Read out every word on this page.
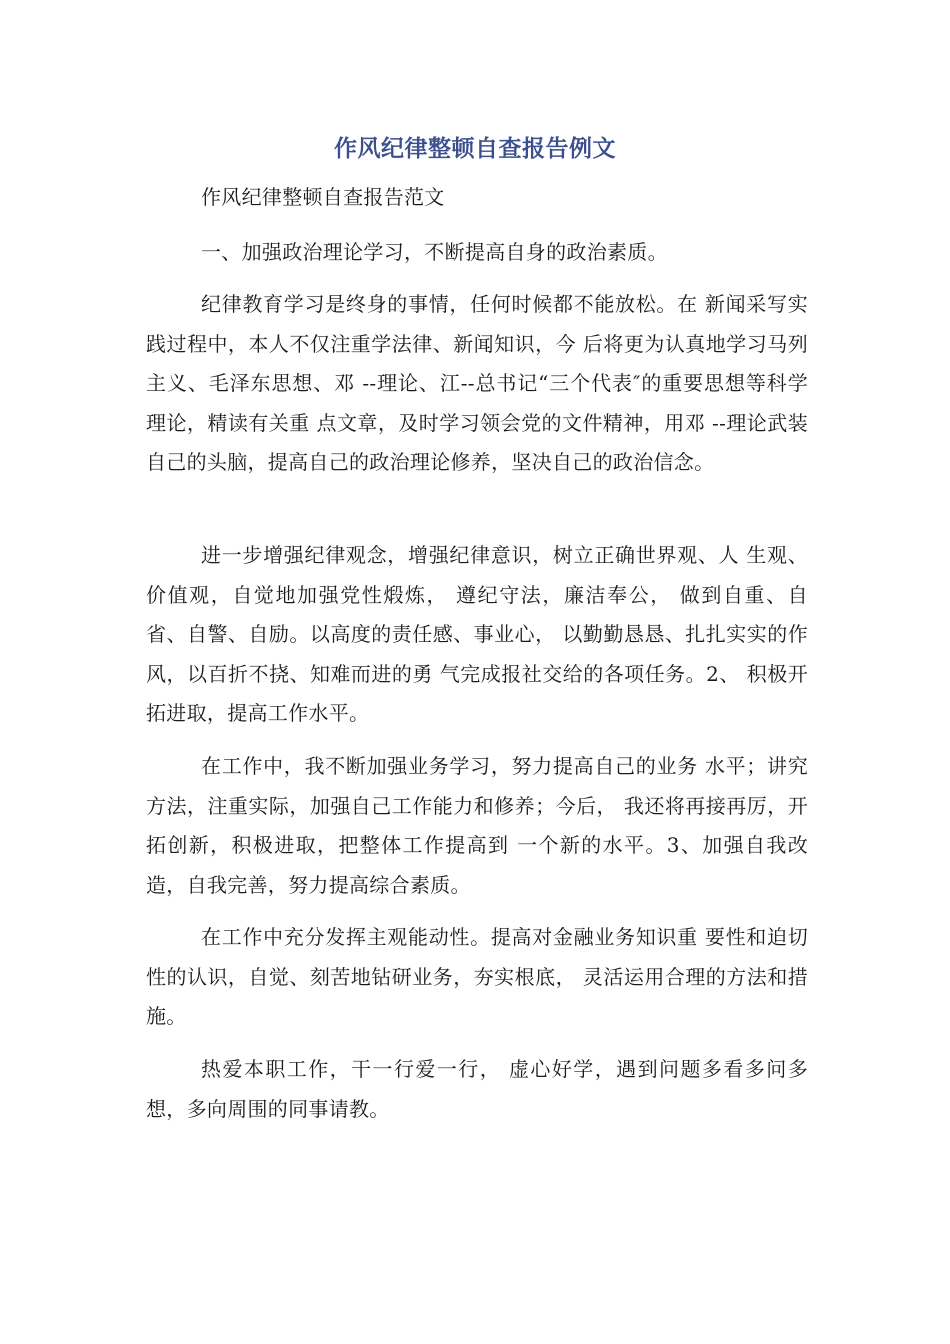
作风纪律整顿自查报告例文

作风纪律整顿自查报告范文

一、加强政治理论学习，不断提高自身的政治素质。

纪律教育学习是终身的事情，任何时候都不能放松。在 新闻采写实践过程中，本人不仅注重学法律、新闻知识，今 后将更为认真地学习马列主义、毛泽东思想、邓 --理论、江--总书记“三个代表″的重要思想等科学理论，精读有关重 点文章，及时学习领会党的文件精神，用邓 --理论武装自己的头脑，提高自己的政治理论修养，坚决自己的政治信念。

进一步增强纪律观念，增强纪律意识，树立正确世界观、人 生观、价值观，自觉地加强党性煅炼， 遵纪守法，廉洁奉公， 做到自重、自省、自警、自励。以高度的责任感、事业心， 以勤勤恳恳、扎扎实实的作风，以百折不挠、知难而进的勇 气完成报社交给的各项任务。2、 积极开拓进取，提高工作水平。

在工作中，我不断加强业务学习，努力提高自己的业务 水平；讲究方法，注重实际，加强自己工作能力和修养；今后， 我还将再接再厉，开拓创新，积极进取，把整体工作提高到 一个新的水平。3、加强自我改造，自我完善，努力提高综合素质。

在工作中充分发挥主观能动性。提高对金融业务知识重 要性和迫切性的认识，自觉、刻苦地钻研业务，夯实根底， 灵活运用合理的方法和措施。

热爱本职工作，干一行爱一行， 虚心好学，遇到问题多看多问多想，多向周围的同事请教。
